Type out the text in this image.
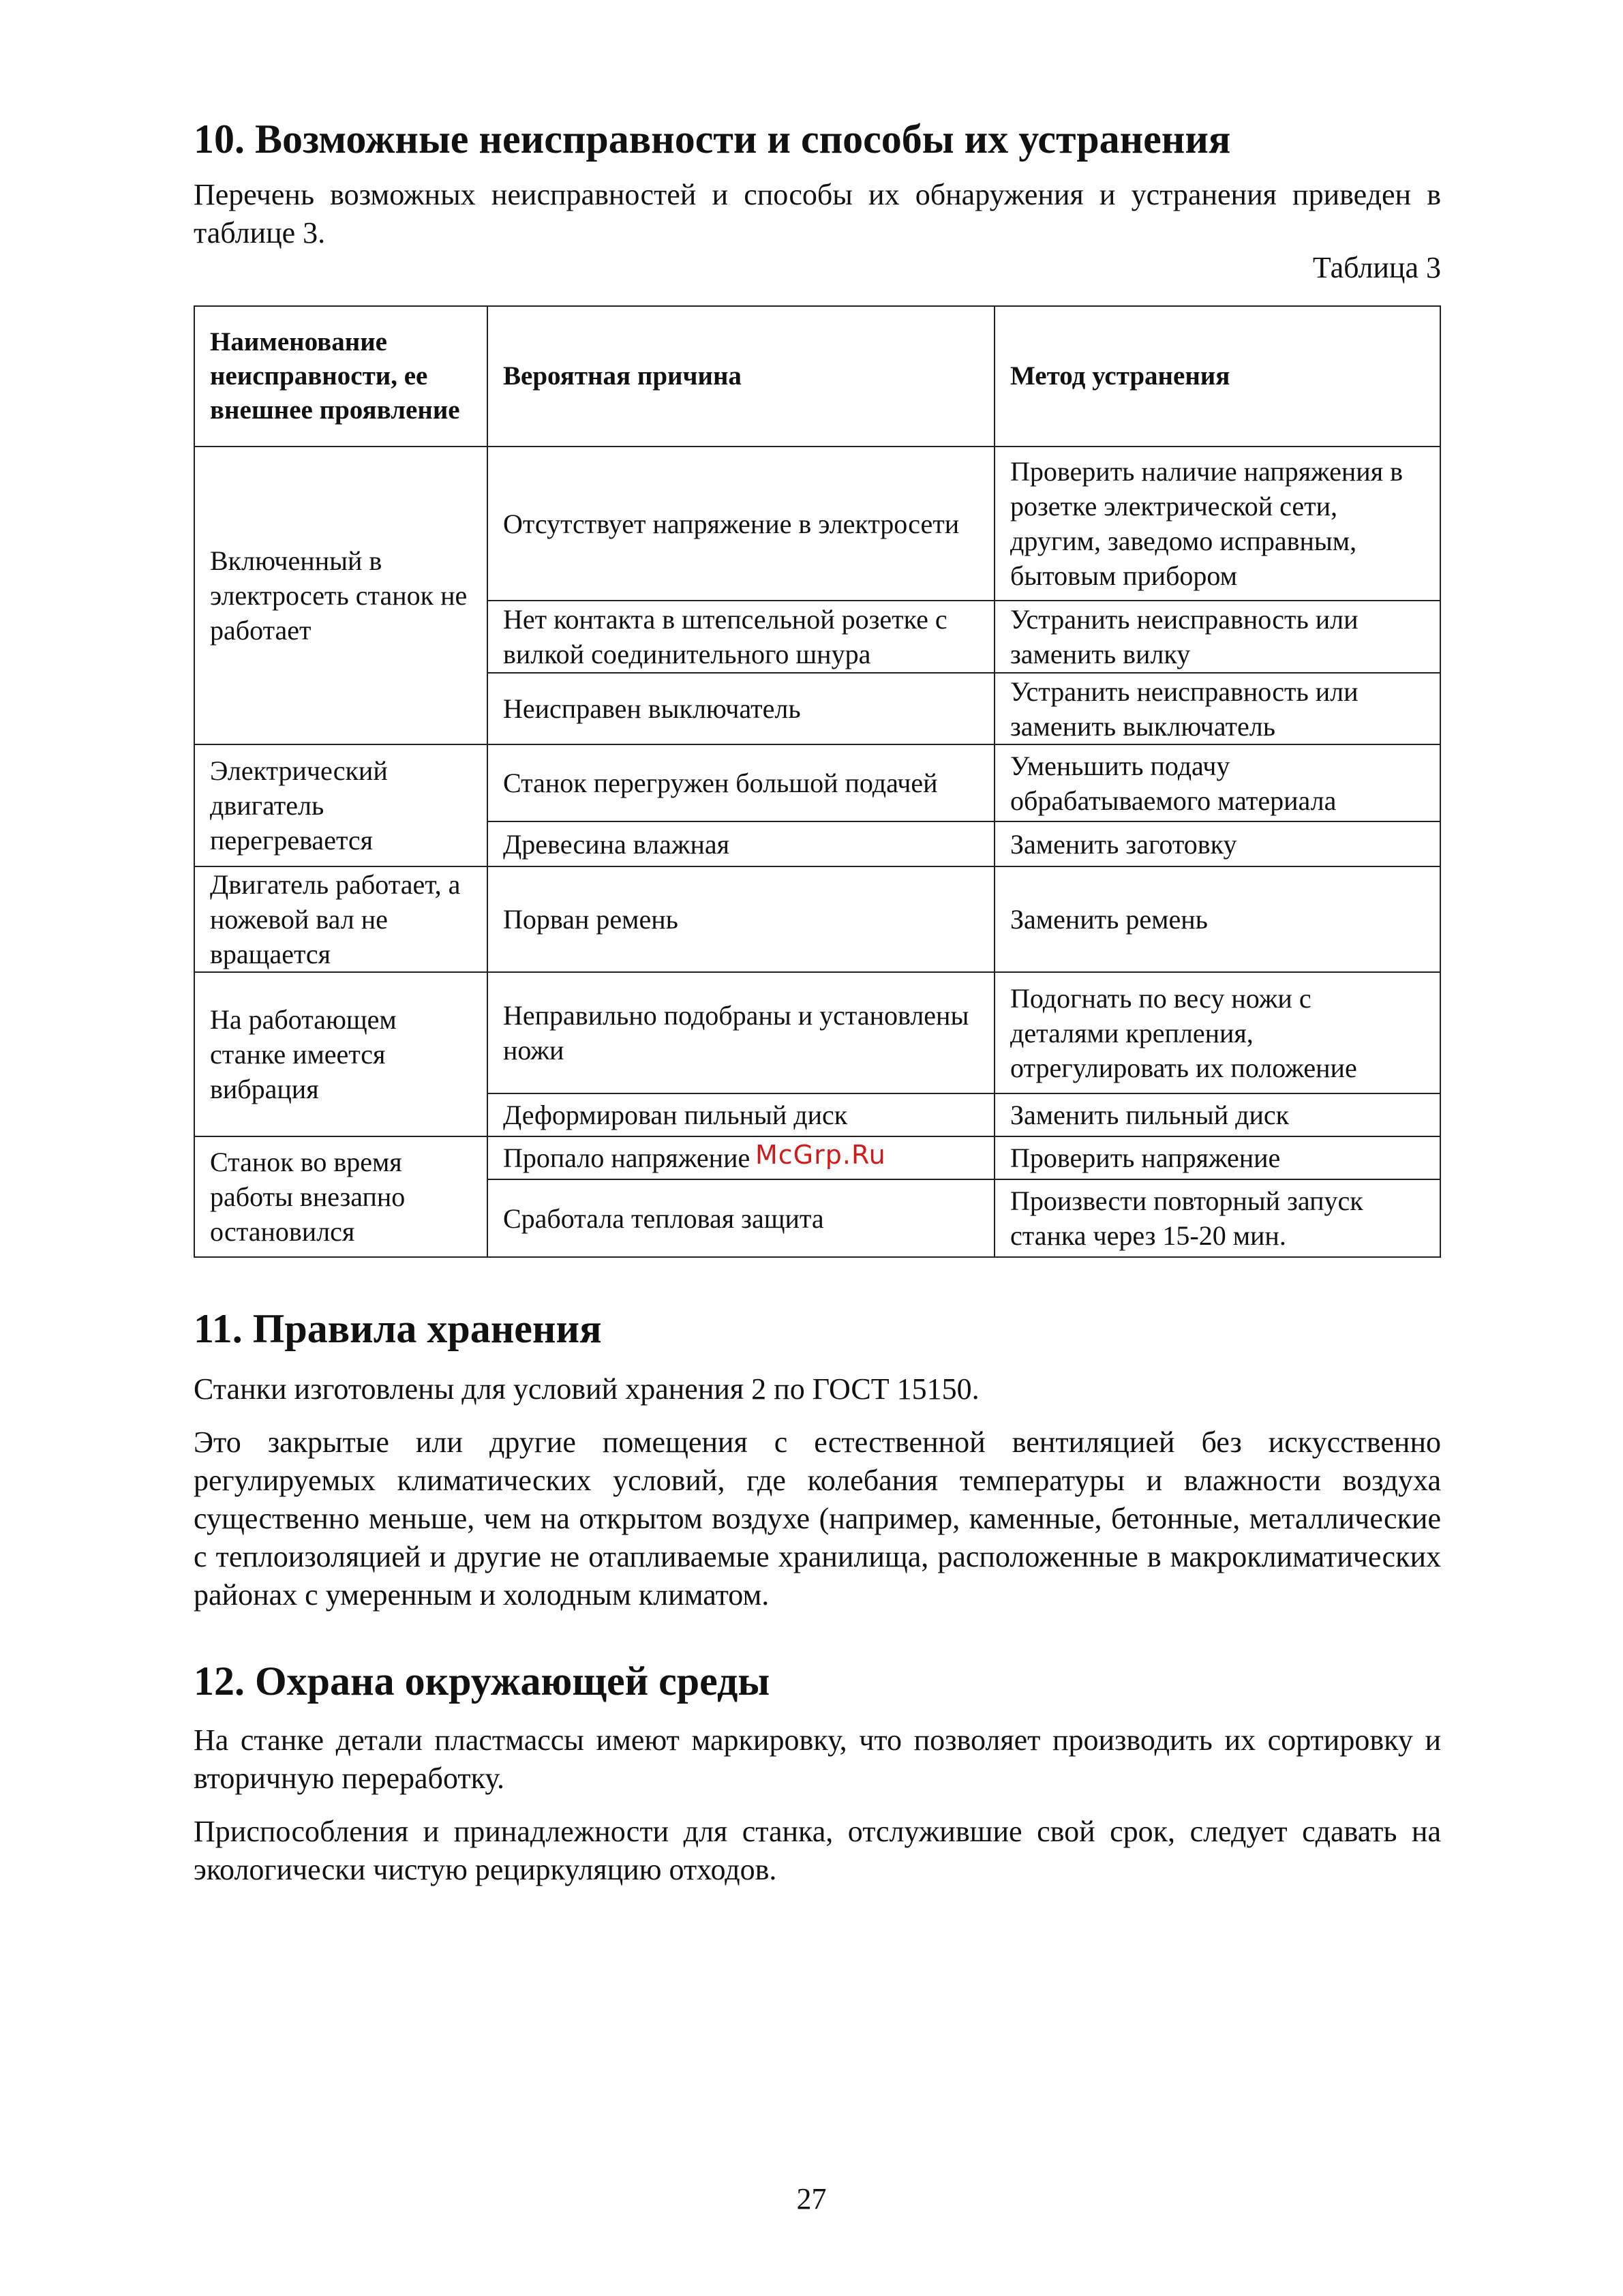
10. Возможные неисправности и способы их устранения

Перечень возможных неисправностей и способы их обнаружения и устранения приведен в таблице 3.

Таблица 3
Наименование неисправности, ее внешнее проявление	Вероятная причина	Метод устранения
Включенный в электросеть станок не работает	Отсутствует напряжение в электросети	Проверить наличие напряжения в розетке электрической сети, другим, заведомо исправным, бытовым прибором
	Нет контакта в штепсельной розетке с вилкой соединительного шнура	Устранить неисправность или заменить вилку
	Неисправен выключатель	Устранить неисправность или заменить выключатель
Электрический двигатель перегревается	Станок перегружен большой подачей	Уменьшить подачу обрабатываемого материала
	Древесина влажная	Заменить заготовку
Двигатель работает, а ножевой вал не вращается	Порван ремень	Заменить ремень
На работающем станке имеется вибрация	Неправильно подобраны и установлены ножи	Подогнать по весу ножи с деталями крепления, отрегулировать их положение
	Деформирован пильный диск	Заменить пильный диск
Станок во время работы внезапно остановился	Пропало напряжение	Проверить напряжение
	Сработала тепловая защита	Произвести повторный запуск станка через 15-20 мин.
11. Правила хранения

Станки изготовлены для условий хранения 2 по ГОСТ 15150.

Это закрытые или другие помещения с естественной вентиляцией без искусственно регулируемых климатических условий, где колебания температуры и влажности воздуха существенно меньше, чем на открытом воздухе (например, каменные, бетонные, металлические с теплоизоляцией и другие не отапливаемые хранилища, расположенные в макроклиматических районах с умеренным и холодным климатом.

12. Охрана окружающей среды

На станке детали пластмассы имеют маркировку, что позволяет производить их сортировку и вторичную переработку.

Приспособления и принадлежности для станка, отслужившие свой срок, следует сдавать на экологически чистую рециркуляцию отходов.

McGrp.Ru
27
